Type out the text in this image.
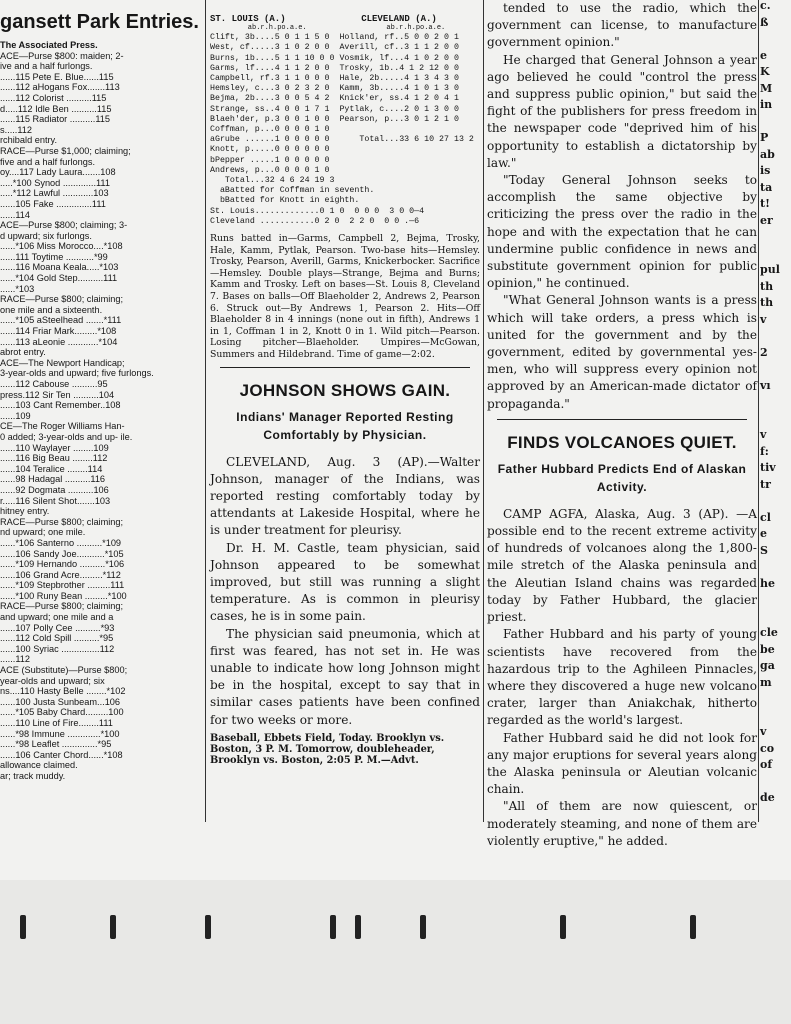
gansett Park Entries.
The Associated Press.
ACE—Purse $800: maiden; 2-
ive and a half furlongs.
......115 Pete E. Blue......115
......112 aHogans Fox.......113
......112 Colorist ..........115
d.....112 Idle Ben ..........115
......115 Radiator ..........115
s.....112
rchibald entry.
RACE—Purse $1,000; claiming;
five and a half furlongs.
oy....117 Lady Laura.......108
.....*100 Synod .............111
.....*112 Lawful ............103
......105 Fake ..............111
......114
ACE—Purse $800; claiming; 3-
d upward; six furlongs.
......*106 Miss Morocco....*108
......111 Toytime ...........*99
......116 Moana Keala.....*103
......*104 Gold Step..........111
......*103
RACE—Purse $800; claiming;
one mile and a sixteenth.
......*105 aSteelhead .......*111
......114 Friar Mark.........*108
......113 aLeonie ............*104
abrot entry.
ACE—The Newport Handicap;
3-year-olds and upward; five furlongs.
......112 Cabouse ..........95
press.112 Sir Ten ..........104
......103 Cant Remember..108
......109
CE—The Roger Williams Han-
0 added; 3-year-olds and up- ile.
......110 Waylayer ........109
......116 Big Beau ........112
......104 Teralice ........114
......98 Hadagal ..........116
......92 Dogmata ..........106
r.....116 Silent Shot.......103
hitney entry.
RACE—Purse $800; claiming;
nd upward; one mile.
......*106 Santerno ..........*109
......106 Sandy Joe...........*105
......*109 Hernando ..........*106
......106 Grand Acre.........*112
......*109 Stepbrother .........111
......*100 Runy Bean .........*100
RACE—Purse $800; claiming;
and upward; one mile and a
......107 Polly Cee ..........*93
......112 Cold Spill ..........*95
......100 Syriac ...............112
......112
ACE (Substitute)—Purse $800;
year-olds and upward; six
ns....110 Hasty Belle ........*102
......100 Justa Sunbeam...106
......*105 Baby Chard.........100
......110 Line of Fire........111
......*98 Immune .............*100
......*98 Leaflet ..............*95
......106 Canter Chord......*108
allowance claimed.
ar; track muddy.
ST. LOUIS (A.)              CLEVELAND (A.)
ab.r.h.po.a.e.                   ab.r.h.po.a.e.
Clift, 3b....5 0 1 1 5 0  Holland, rf..5 0 0 2 0 1
West, cf.....3 1 0 2 0 0  Averill, cf..3 1 1 2 0 0
Burns, 1b....5 1 1 10 0 0 Vosmik, lf...4 1 0 2 0 0
Garms, lf....4 1 1 2 0 0  Trosky, 1b..4 1 2 12 0 0
Campbell, rf.3 1 1 0 0 0  Hale, 2b.....4 1 3 4 3 0
Hemsley, c...3 0 2 3 2 0  Kamm, 3b.....4 1 0 1 3 0
Bejma, 2b....3 0 0 5 4 2  Knick'er, ss.4 1 2 0 4 1
Strange, ss..4 0 0 1 7 1  Pytlak, c....2 0 1 3 0 0
Blaeh'der, p.3 0 0 1 0 0  Pearson, p...3 0 1 2 1 0
Coffman, p...0 0 0 0 1 0
aGrube ......1 0 0 0 0 0      Total...33 6 10 27 13 2
Knott, p.....0 0 0 0 0 0
bPepper .....1 0 0 0 0 0
Andrews, p...0 0 0 0 1 0
Total...32 4 6 24 19 3
aBatted for Coffman in seventh.
bBatted for Knott in eighth.
St. Louis.............0 1 0  0 0 0  3 0 0—4
Cleveland ...........0 2 0  2 2 0  0 0 .—6
Runs batted in—Garms, Campbell 2, Bejma, Trosky, Hale, Kamm, Pytlak, Pearson. Two-base hits—Hemsley. Trosky, Pearson, Averill, Garms, Knickerbocker. Sacrifice—Hemsley. Double plays—Strange, Bejma and Burns; Kamm and Trosky. Left on bases—St. Louis 8, Cleveland 7. Bases on balls—Off Blaeholder 2, Andrews 2, Pearson 6. Struck out—By Andrews 1, Pearson 2. Hits—Off Blaeholder 8 in 4 innings (none out in fifth), Andrews 1 in 1, Coffman 1 in 2, Knott 0 in 1. Wild pitch—Pearson. Losing pitcher—Blaeholder. Umpires—McGowan, Summers and Hildebrand. Time of game—2:02.
JOHNSON SHOWS GAIN.
Indians' Manager Reported Resting Comfortably by Physician.

CLEVELAND, Aug. 3 (AP).—Walter Johnson, manager of the Indians, was reported resting comfortably today by attendants at Lakeside Hospital, where he is under treatment for pleurisy.

Dr. H. M. Castle, team physician, said Johnson appeared to be somewhat improved, but still was running a slight temperature. As is common in pleurisy cases, he is in some pain.

The physician said pneumonia, which at first was feared, has not set in. He was unable to indicate how long Johnson might be in the hospital, except to say that in similar cases patients have been confined for two weeks or more.

Baseball, Ebbets Field, Today. Brooklyn vs. Boston, 3 P. M. Tomorrow, doubleheader, Brooklyn vs. Boston, 2:05 P. M.—Advt.

tended to use the radio, which the government can license, to manufacture government opinion."

He charged that General Johnson a year ago believed he could "control the press and suppress public opinion," but said the fight of the publishers for press freedom in the newspaper code "deprived him of his opportunity to establish a dictatorship by law."

"Today General Johnson seeks to accomplish the same objective by criticizing the press over the radio in the hope and with the expectation that he can undermine public confidence in news and substitute government opinion for public opinion," he continued.

"What General Johnson wants is a press which will take orders, a press which is united for the government and by the government, edited by governmental yes-men, who will suppress every opinion not approved by an American-made dictator of propaganda."

FINDS VOLCANOES QUIET.
Father Hubbard Predicts End of Alaskan Activity.

CAMP AGFA, Alaska, Aug. 3 (AP). —A possible end to the recent extreme activity of hundreds of volcanoes along the 1,800-mile stretch of the Alaska peninsula and the Aleutian Island chains was regarded today by Father Hubbard, the glacier priest.

Father Hubbard and his party of young scientists have recovered from the hazardous trip to the Aghileen Pinnacles, where they discovered a huge new volcano crater, larger than Aniakchak, hitherto regarded as the world's largest.

Father Hubbard said he did not look for any major eruptions for several years along the Alaska peninsula or Aleutian volcanic chain.

"All of them are now quiescent, or moderately steaming, and none of them are violently eruptive," he added.

c.
ß
e
K
M
in
P
ab
is
ta
t!
er
pul
th
th
v
2
vı
v
f:
tiv
tr
cl
e
S
he
cle
be
ga
m
v
co
of
de
